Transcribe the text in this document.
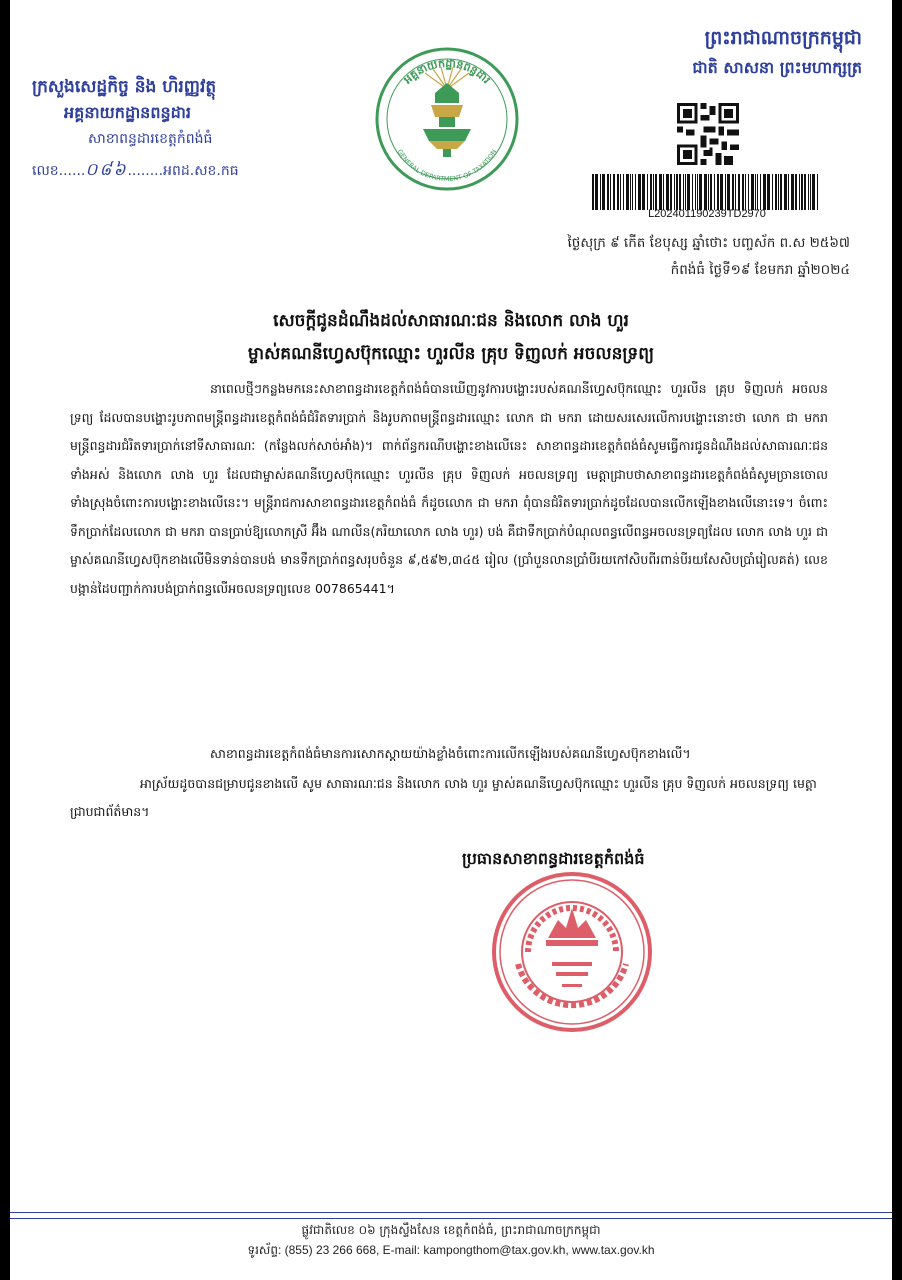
ក្រសួងសេដ្ឋកិច្ច និង ហិរញ្ញវត្ថុ
អគ្គនាយកដ្ឋានពន្ធដារ
សាខាពន្ធដារខេត្តកំពង់ធំ
លេខ......០៨៦........អពដ.សខ.កធ
អគ្គនាយកដ្ឋានពន្ធដារ
GENERAL DEPARTMENT OF TAXATION
ព្រះរាជាណាចក្រកម្ពុជា
ជាតិ សាសនា ព្រះមហាក្សត្រ
L202401190239TD2970
ថ្ងៃសុក្រ ៩ កើត ខែបុស្ស ឆ្នាំថោះ បញ្ចស័ក ព.ស ២៥៦៧
កំពង់ធំ ថ្ងៃទី១៩ ខែមករា ឆ្នាំ២០២៤
សេចក្តីជូនដំណឹងដល់សាធារណៈជន និងលោក លាង ហួរ
ម្ចាស់គណនីហ្វេសប៊ុកឈ្មោះ ហួរលីន គ្រុប ទិញលក់ អចលនទ្រព្យ
នាពេលថ្មីៗកន្លងមកនេះសាខាពន្ធដារខេត្តកំពង់ធំបានឃើញនូវការបង្ហោះរបស់គណនីហ្វេសប៊ុកឈ្មោះ ហួរលីន គ្រុប ទិញលក់ អចលនទ្រព្យ ដែលបានបង្ហោះរូបភាពមន្ត្រីពន្ធដារខេត្តកំពង់ធំជំរិតទារប្រាក់ និងរូបភាពមន្ត្រីពន្ធដារឈ្មោះ លោក ជា មករា ដោយសរសេរលើការបង្ហោះនោះថា លោក ជា មករា មន្ត្រីពន្ធដារជំរិតទារប្រាក់នៅទីសាធារណៈ (កន្លែងលក់សាច់អាំង)។ ពាក់ព័ន្ធករណីបង្ហោះខាងលើនេះ សាខាពន្ធដារខេត្តកំពង់ធំសូមធ្វើការជូនដំណឹងដល់សាធារណៈជនទាំងអស់ និងលោក លាង ហួរ ដែលជាម្ចាស់គណនីហ្វេសប៊ុកឈ្មោះ ហួរលីន គ្រុប ទិញលក់ អចលនទ្រព្យ មេត្តាជ្រាបថាសាខាពន្ធដារខេត្តកំពង់ធំសូមច្រានចោលទាំងស្រុងចំពោះការបង្ហោះខាងលើនេះ។ មន្ត្រីរាជការសាខាពន្ធដារខេត្តកំពង់ធំ ក៏ដូចលោក ជា មករា ពុំបានជំរិតទារប្រាក់ដូចដែលបានលើកឡើងខាងលើនោះទេ។ ចំពោះទឹកប្រាក់ដែលលោក ជា មករា បានប្រាប់ឱ្យលោកស្រី អ៊ឹង ណាលីន(ភរិយាលោក លាង ហួរ) បង់ គឺជាទឹកប្រាក់បំណុលពន្ធលើពន្ធអចលនទ្រព្យដែល លោក លាង ហួរ ជាម្ចាស់គណនីហ្វេសប៊ុកខាងលើមិនទាន់បានបង់ មានទឹកប្រាក់ពន្ធសរុបចំនួន ៩,៥៩២,៣៤៥ រៀល (ប្រាំបួនលានប្រាំបីរយកៅសិបពីរពាន់បីរយសែសិបប្រាំរៀលគត់) លេខបង្កាន់ដៃបញ្ជាក់ការបង់ប្រាក់ពន្ធលើអចលនទ្រព្យលេខ 007865441។
សាខាពន្ធដារខេត្តកំពង់ធំមានការសោកស្តាយយ៉ាងខ្លាំងចំពោះការលើកឡើងរបស់គណនីហ្វេសប៊ុកខាងលើ។
អាស្រ័យដូចបានជម្រាបជូនខាងលើ សូម សាធារណៈជន និងលោក លាង ហួរ ម្ចាស់គណនីហ្វេសប៊ុកឈ្មោះ ហួរលីន គ្រុប ទិញលក់ អចលនទ្រព្យ មេត្តាជ្រាបជាព័ត៌មាន។
ប្រធានសាខាពន្ធដារខេត្តកំពង់ធំ
ផ្លូវជាតិលេខ ០៦ ក្រុងស្ទឹងសែន ខេត្តកំពង់ធំ, ព្រះរាជាណាចក្រកម្ពុជា
ទូរស័ព្ទ: (855) 23 266 668, E-mail: kampongthom@tax.gov.kh, www.tax.gov.kh
